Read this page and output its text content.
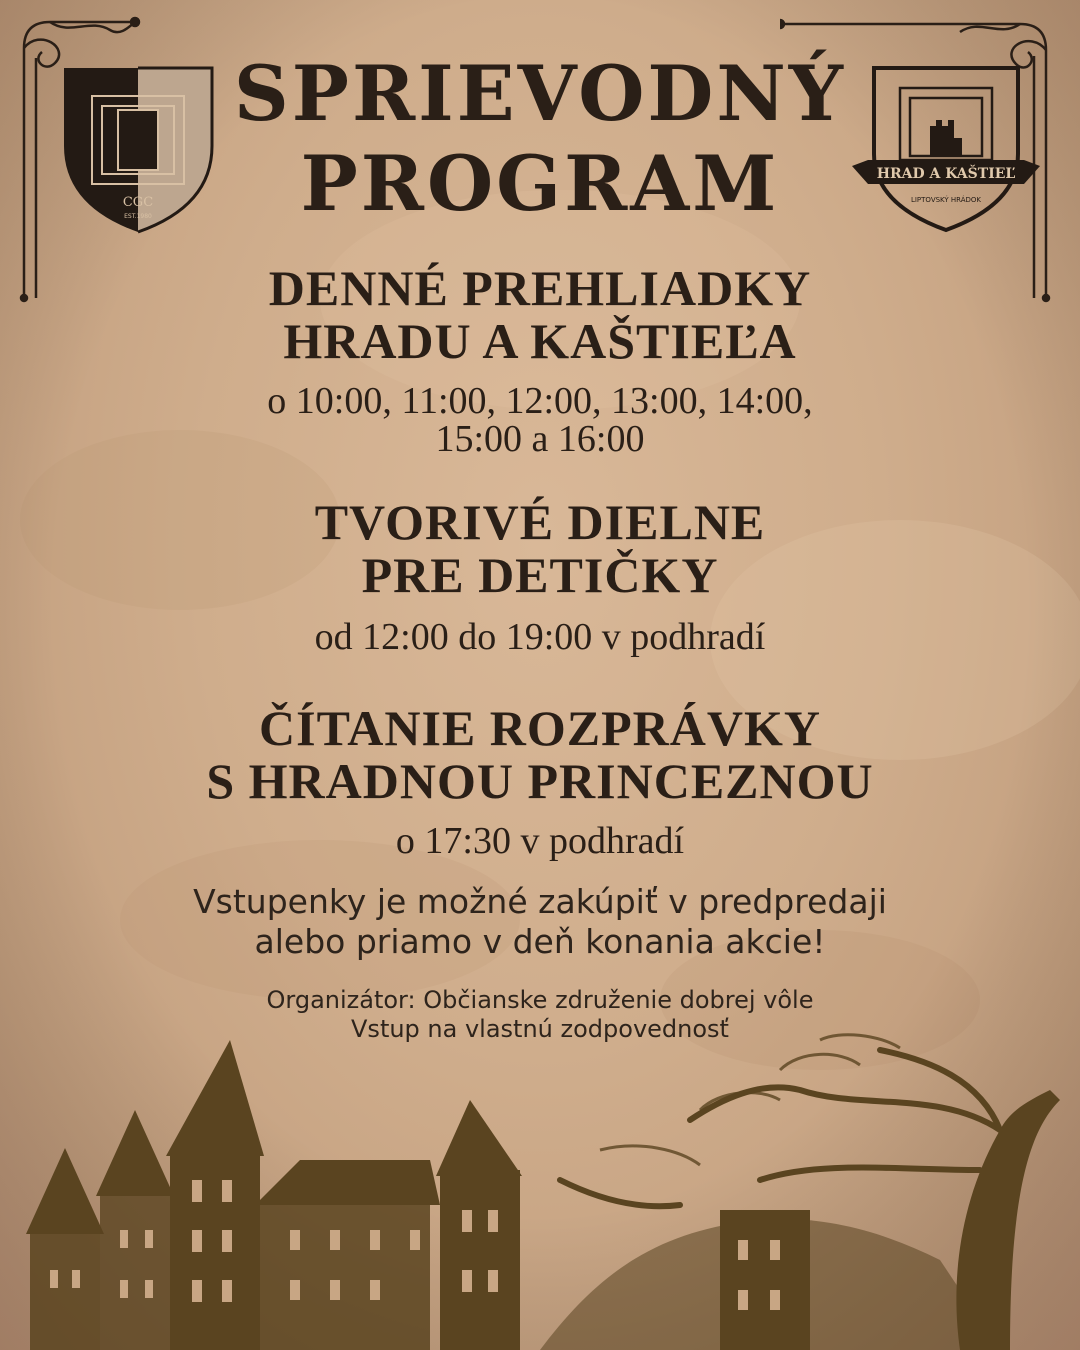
CGC
EST.1980
HRAD A KAŠTIEĽ
LIPTOVSKÝ HRÁDOK
SPRIEVODNÝ
PROGRAM
DENNÉ PREHLIADKY
HRADU A KAŠTIEĽA
o 10:00, 11:00, 12:00, 13:00, 14:00,
15:00 a 16:00
TVORIVÉ DIELNE
PRE DETIČKY
od 12:00 do 19:00 v podhradí
ČÍTANIE ROZPRÁVKY
S HRADNOU PRINCEZNOU
o 17:30 v podhradí
Vstupenky je možné zakúpiť v predpredaji
alebo priamo v deň konania akcie!
Organizátor: Občianske združenie dobrej vôle
Vstup na vlastnú zodpovednosť
